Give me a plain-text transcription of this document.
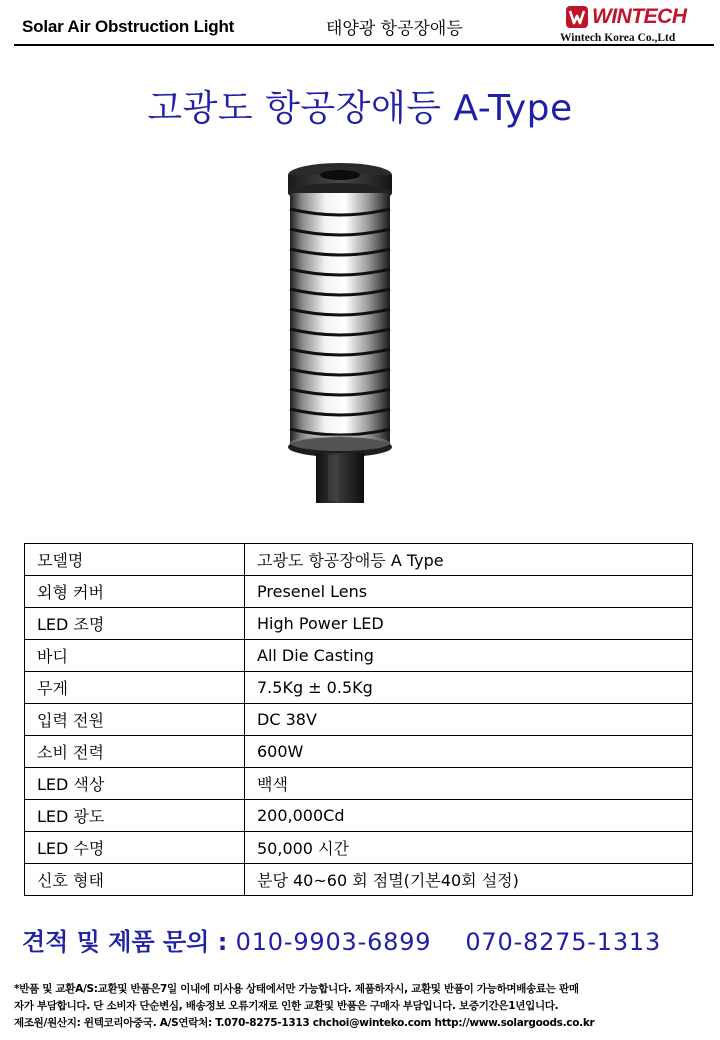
Solar Air Obstruction Light	태양광 항공장애등
WINTECH
Wintech Korea Co.,Ltd
고광도 항공장애등 A-Type
모델명	고광도 항공장애등 A Type
외형 커버	Presenel Lens
LED 조명	High Power LED
바디	All Die Casting
무게	7.5Kg ± 0.5Kg
입력 전원	DC 38V
소비 전력	600W
LED 색상	백색
LED 광도	200,000Cd
LED 수명	50,000 시간
신호 형태	분당 40~60 회 점멸(기본40회 설정)
견적 및 제품 문의 : 010-9903-6899 070-8275-1313

*반품 및 교환A/S:교환및 반품은7일 이내에 미사용 상태에서만 가능합니다. 제품하자시, 교환및 반품이 가능하며배송료는 판매

자가 부담합니다. 단 소비자 단순변심, 배송정보 오류기재로 인한 교환및 반품은 구매자 부담입니다. 보증기간은1년입니다.

제조원/원산지: 윈텍코리아중국. A/S연락처: T.070-8275-1313 chchoi@winteko.com http://www.solargoods.co.kr
